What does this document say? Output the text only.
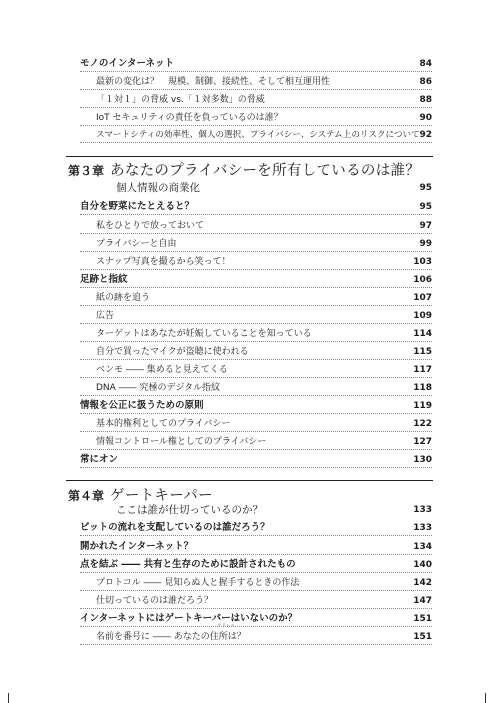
モノのインターネット	84
最新の変化は？　規模、制御、接続性、そして相互運用性	86
「１対１」の脅威 vs.「１対多数」の脅威	88
IoT セキュリティの責任を負っているのは誰？	90
スマートシティの効率性、個人の選択、プライバシー、システム上のリスクについて 92
第３章 あなたのプライバシーを所有しているのは誰？
個人情報の商業化	95
自分を野菜にたとえると？	95
私をひとりで放っておいて	97
プライバシーと自由	99
スナップ写真を撮るから笑って！	103
足跡と指紋	106
紙の跡を追う	107
広告	109
ターゲットはあなたが妊娠していることを知っている	114
自分で買ったマイクが盗聴に使われる	115
ベンモ ―― 集めると見えてくる	117
DNA ―― 究極のデジタル指紋	118
情報を公正に扱うための原則	119
基本的権利としてのプライバシー	122
情報コントロール権としてのプライバシー	127
常にオン	130
第４章 ゲートキーパー
ここは誰が仕切っているのか？	133
ビットの流れを支配しているのは誰だろう？	133
開かれたインターネット？	134
点を結ぶ ―― 共有と生存のために設計されたもの	140
プロトコル ―― 見知らぬ人と握手するときの作法	142
仕切っているのは誰だろう？	147
インターネットにはゲートキーパーはいないのか？	151
アドレス
名前を番号に ―― あなたの住所は？	151
